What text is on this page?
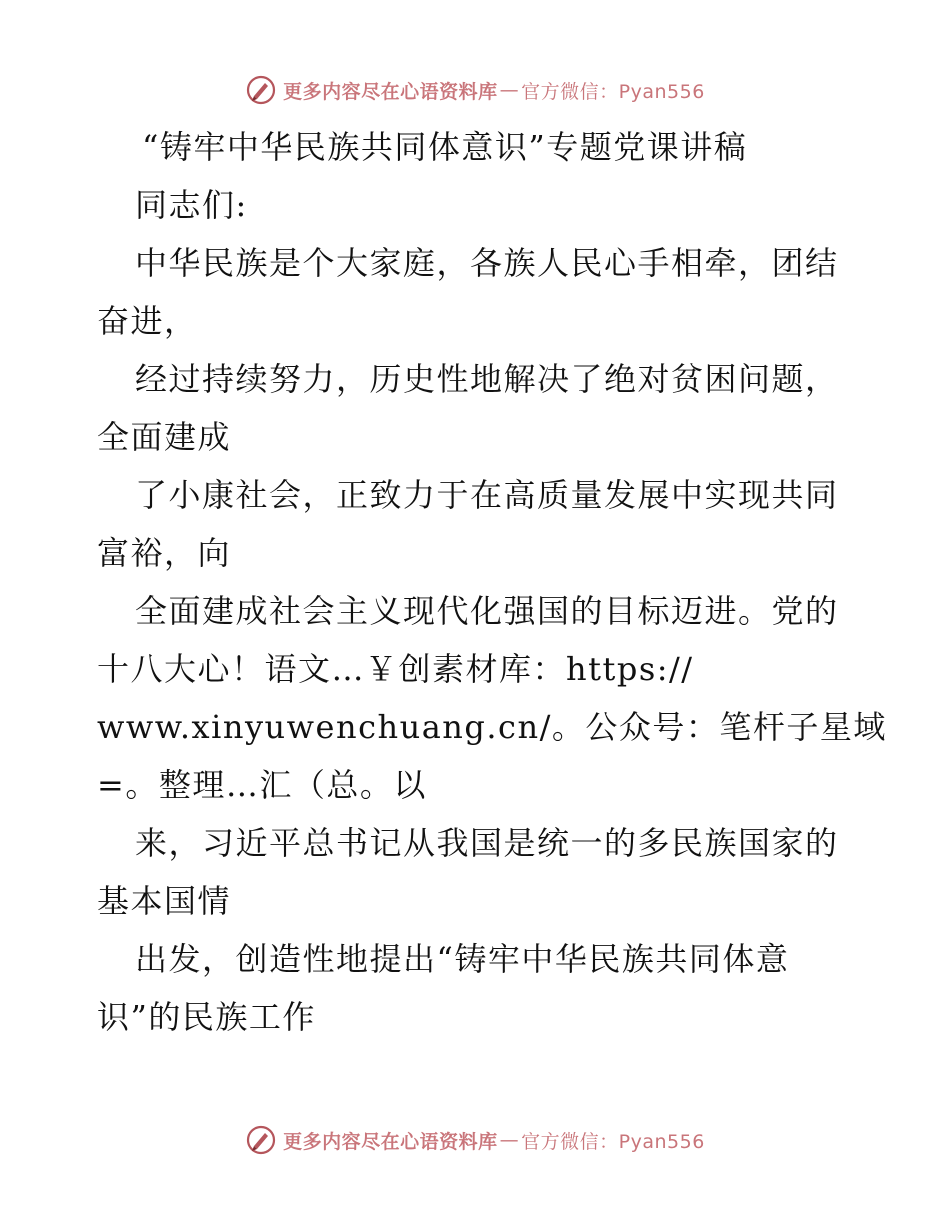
更多内容尽在心语资料库 — 官方微信：Pyan556
“铸牢中华民族共同体意识”专题党课讲稿

同志们:

中华民族是个大家庭，各族人民心手相牵，团结

奋进，

经过持续努力，历史性地解决了绝对贫困问题，

全面建成

了小康社会，正致力于在高质量发展中实现共同

富裕，向

全面建成社会主义现代化强国的目标迈进。党的

十八大心！语文…￥创素材库：https://

www.xinyuwenchuang.cn/。公众号：笔杆子星域

=。整理…汇（总。以

来，习近平总书记从我国是统一的多民族国家的

基本国情

出发，创造性地提出“铸牢中华民族共同体意

识”的民族工作

更多内容尽在心语资料库 — 官方微信：Pyan556
